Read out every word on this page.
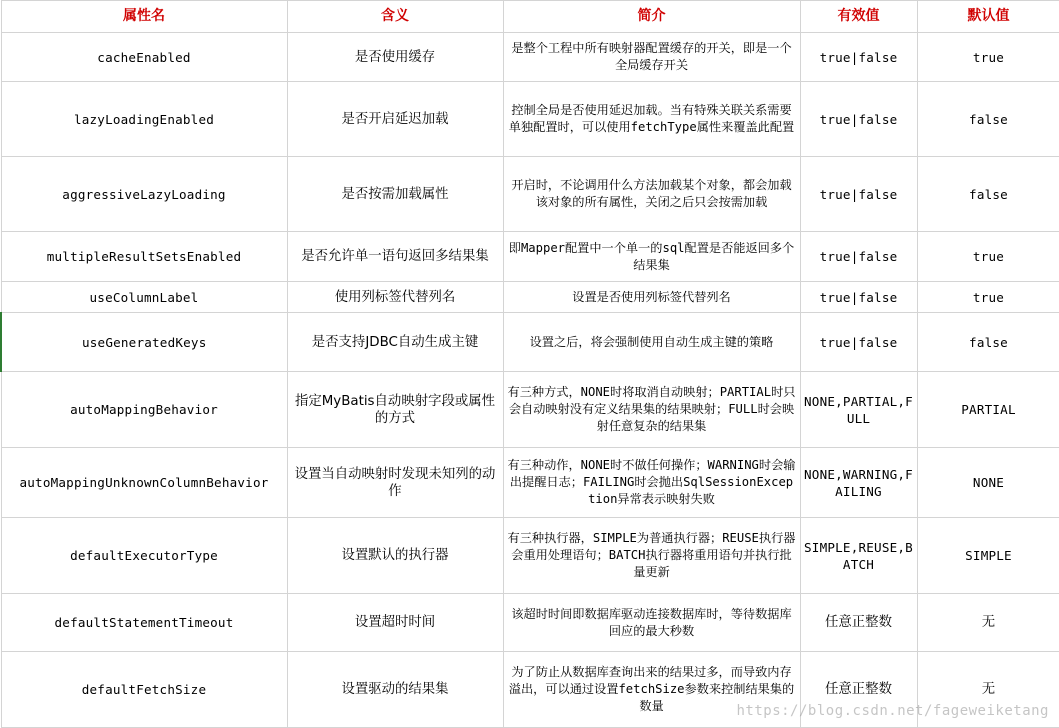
属性名	含义	简介	有效值	默认值
cacheEnabled	是否使用缓存	是整个工程中所有映射器配置缓存的开关，即是一个全局缓存开关	true|false	true
lazyLoadingEnabled	是否开启延迟加载	控制全局是否使用延迟加载。当有特殊关联关系需要单独配置时，可以使用fetchType属性来覆盖此配置	true|false	false
aggressiveLazyLoading	是否按需加载属性	开启时，不论调用什么方法加载某个对象，都会加载该对象的所有属性，关闭之后只会按需加载	true|false	false
multipleResultSetsEnabled	是否允许单一语句返回多结果集	即Mapper配置中一个单一的sql配置是否能返回多个结果集	true|false	true
useColumnLabel	使用列标签代替列名	设置是否使用列标签代替列名	true|false	true
useGeneratedKeys	是否支持JDBC自动生成主键	设置之后，将会强制使用自动生成主键的策略	true|false	false
autoMappingBehavior	指定MyBatis自动映射字段或属性的方式	有三种方式，NONE时将取消自动映射；PARTIAL时只会自动映射没有定义结果集的结果映射；FULL时会映射任意复杂的结果集	NONE,PARTIAL,FULL	PARTIAL
autoMappingUnknownColumnBehavior	设置当自动映射时发现未知列的动作	有三种动作，NONE时不做任何操作；WARNING时会输出提醒日志；FAILING时会抛出SqlSessionException异常表示映射失败	NONE,WARNING,FAILING	NONE
defaultExecutorType	设置默认的执行器	有三种执行器，SIMPLE为普通执行器；REUSE执行器会重用处理语句；BATCH执行器将重用语句并执行批量更新	SIMPLE,REUSE,BATCH	SIMPLE
defaultStatementTimeout	设置超时时间	该超时时间即数据库驱动连接数据库时，等待数据库回应的最大秒数	任意正整数	无
defaultFetchSize	设置驱动的结果集	为了防止从数据库查询出来的结果过多，而导致内存溢出，可以通过设置fetchSize参数来控制结果集的数量	任意正整数	无
https://blog.csdn.net/fageweiketang
